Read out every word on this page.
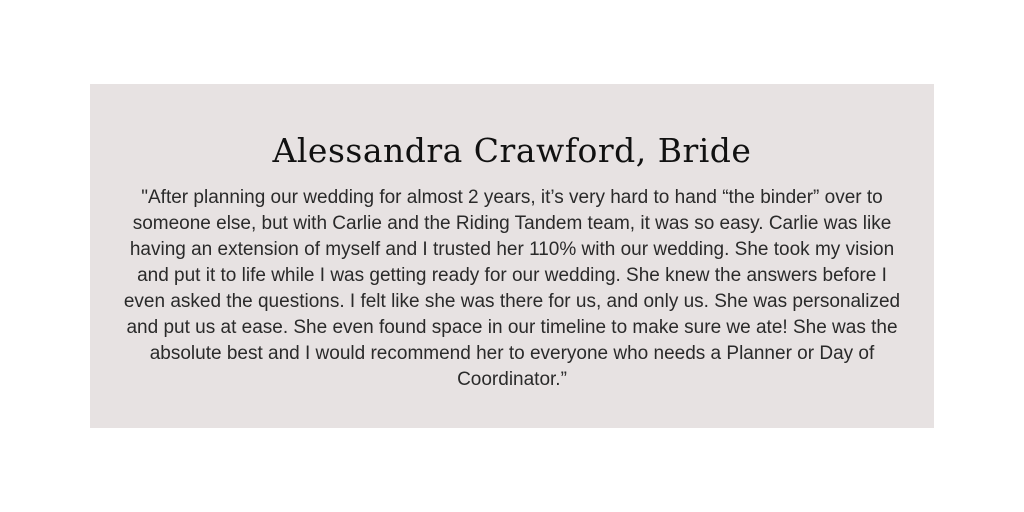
Alessandra Crawford, Bride

"After planning our wedding for almost 2 years, it’s very hard to hand “the binder” over to someone else, but with Carlie and the Riding Tandem team, it was so easy. Carlie was like having an extension of myself and I trusted her 110% with our wedding. She took my vision and put it to life while I was getting ready for our wedding. She knew the answers before I even asked the questions. I felt like she was there for us, and only us. She was personalized and put us at ease. She even found space in our timeline to make sure we ate! She was the absolute best and I would recommend her to everyone who needs a Planner or Day of Coordinator.”
